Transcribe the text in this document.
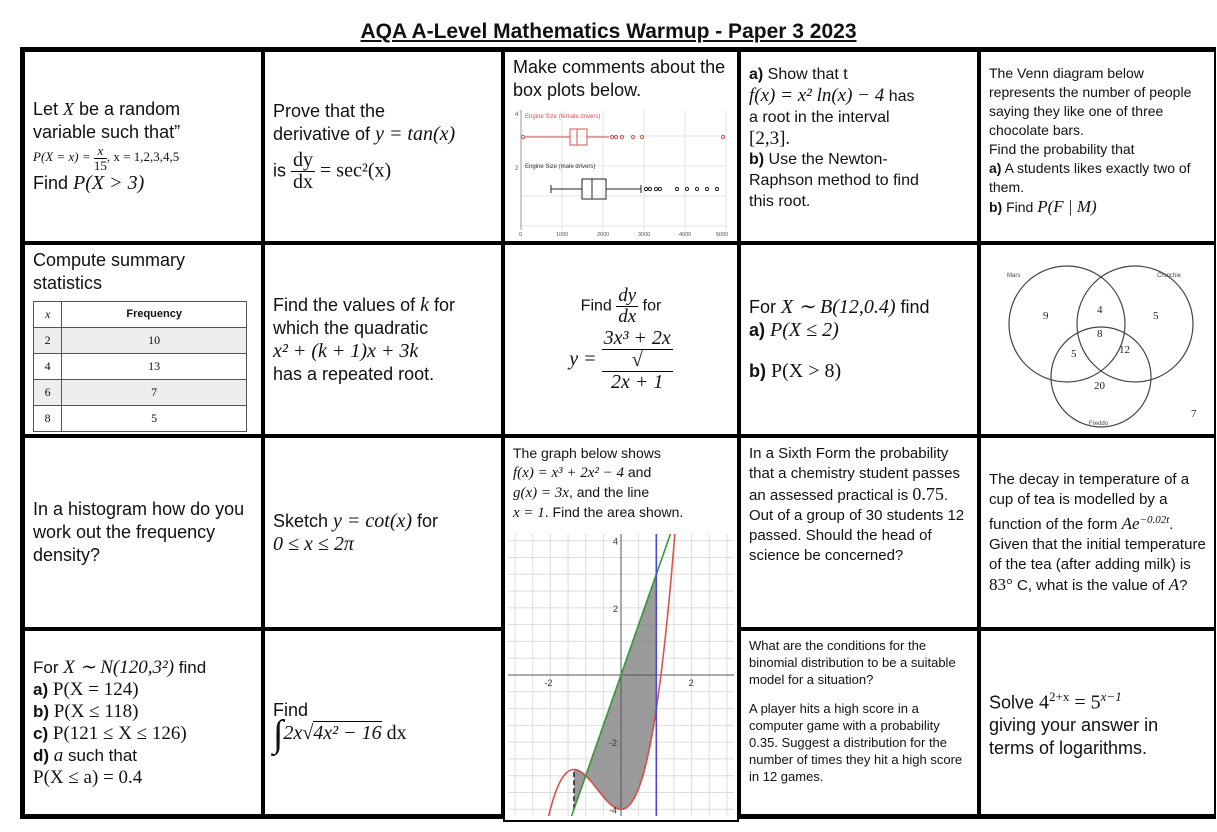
AQA A-Level Mathematics Warmup - Paper 3 2023
Let X be a random
variable such that”
$P(X = x) = \frac{x}{15}$ , x = 1,2,3,4,5
Find P(X > 3)
Prove that the
derivative of y = tan(x)
is $\frac{dy}{dx} = \sec^2(x)$
Make comments about the box plots below.
4
2
Engine Size (female drivers)
Engine Size (male drivers)
0	1000	2000	3000	4000	5000
a) Show that t
f(x) = x² ln(x) − 4 has
a root in the interval
[2,3].
b) Use the Newton-
Raphson method to find
this root.
The Venn diagram below represents the number of people saying they like one of three chocolate bars.
Find the probability that
a) A students likes exactly two of them.
b) Find P(F | M)
Compute summary statistics
x	Frequency
2	10
4	13
6	7
8	5
Find the values of k for
which the quadratic
x² + (k + 1)x + 3k
has a repeated root.
Find $\frac{dy}{dx}$ for
y = 3x³ + 2x
√
2x + 1
For X ∼ B(12,0.4) find
a) P(X ≤ 2)
b) P(X > 8)
Mars	Crunchie
Freddo
9	4	5
8
5	12
20
7
In a histogram how do you work out the frequency density?
Sketch y = cot(x) for
0 ≤ x ≤ 2π
The graph below shows
f(x) = x³ + 2x² − 4 and
g(x) = 3x, and the line
x = 1. Find the area shown.
-2	2
4
2
-2
-4
In a Sixth Form the probability that a chemistry student passes an assessed practical is 0.75. Out of a group of 30 students 12 passed. Should the head of science be concerned?
The decay in temperature of a cup of tea is modelled by a function of the form $Ae^{-0.02t}$. Given that the initial temperature of the tea (after adding milk) is 83° C, what is the value of A?
For X ∼ N(120,3²) find
a) P(X = 124)
b) P(X ≤ 118)
c) P(121 ≤ X ≤ 126)
d) a such that
P(X ≤ a) = 0.4
Find
∫2x√4x² − 16 dx
What are the conditions for the binomial distribution to be a suitable model for a situation?
A player hits a high score in a computer game with a probability 0.35. Suggest a distribution for the number of times they hit a high score in 12 games.
Solve $4^{2+x} = 5^{x-1}$
giving your answer in terms of logarithms.
